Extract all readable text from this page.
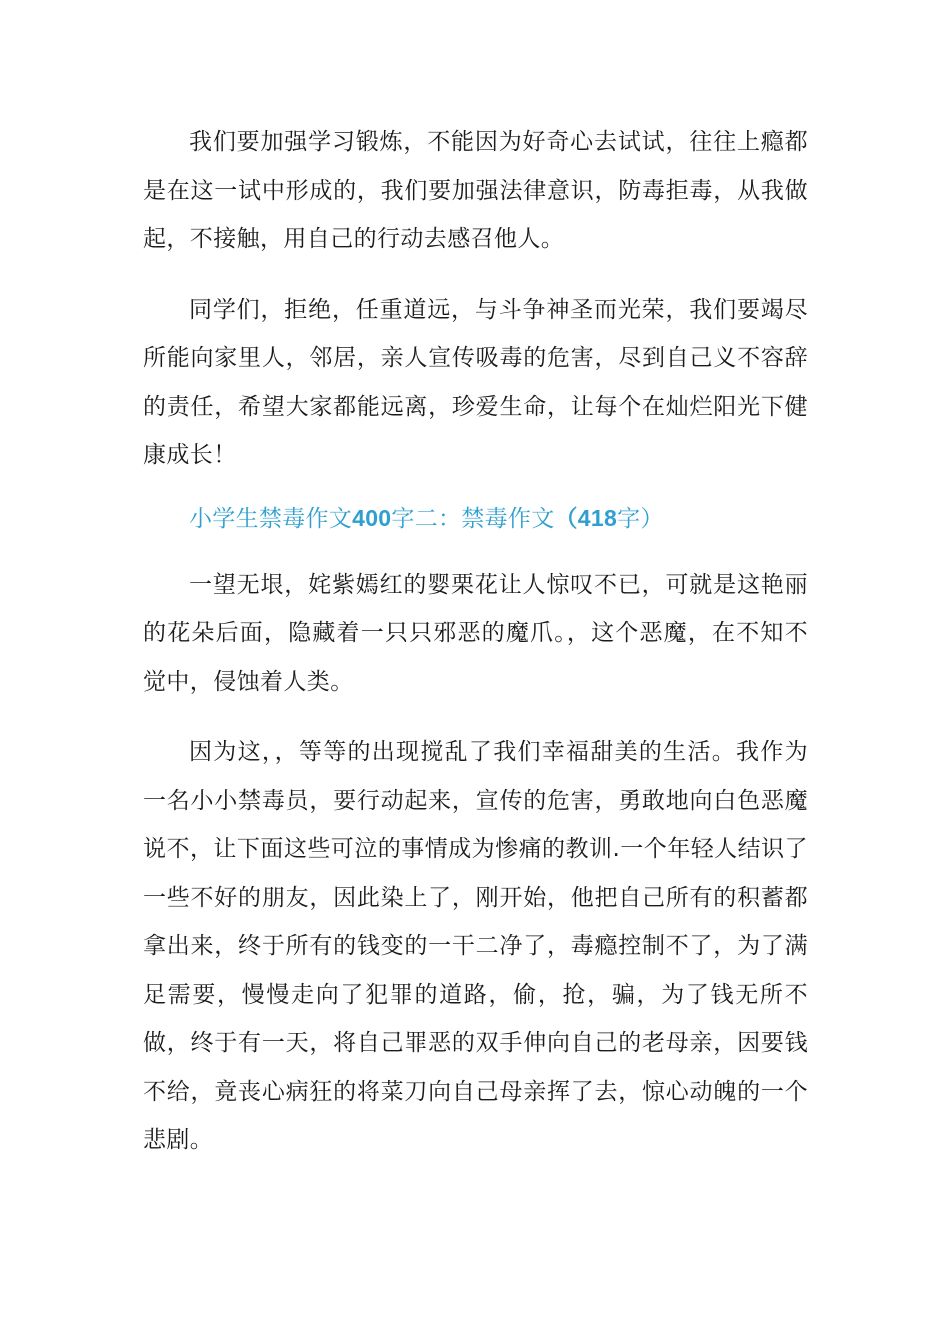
我们要加强学习锻炼，不能因为好奇心去试试，往往上瘾都是在这一试中形成的，我们要加强法律意识，防毒拒毒，从我做起，不接触，用自己的行动去感召他人。

同学们，拒绝，任重道远，与斗争神圣而光荣，我们要竭尽所能向家里人，邻居，亲人宣传吸毒的危害，尽到自己义不容辞的责任，希望大家都能远离，珍爱生命，让每个在灿烂阳光下健康成长！

小学生禁毒作文400字二：禁毒作文（418字）

一望无垠，姹紫嫣红的婴栗花让人惊叹不已，可就是这艳丽的花朵后面，隐藏着一只只邪恶的魔爪。，这个恶魔，在不知不觉中，侵蚀着人类。

因为这，，等等的出现搅乱了我们幸福甜美的生活。我作为一名小小禁毒员，要行动起来，宣传的危害，勇敢地向白色恶魔说不，让下面这些可泣的事情成为惨痛的教训.一个年轻人结识了一些不好的朋友，因此染上了，刚开始，他把自己所有的积蓄都拿出来，终于所有的钱变的一干二净了，毒瘾控制不了，为了满足需要，慢慢走向了犯罪的道路，偷，抢，骗，为了钱无所不做，终于有一天，将自己罪恶的双手伸向自己的老母亲，因要钱不给，竟丧心病狂的将菜刀向自己母亲挥了去，惊心动魄的一个悲剧。
